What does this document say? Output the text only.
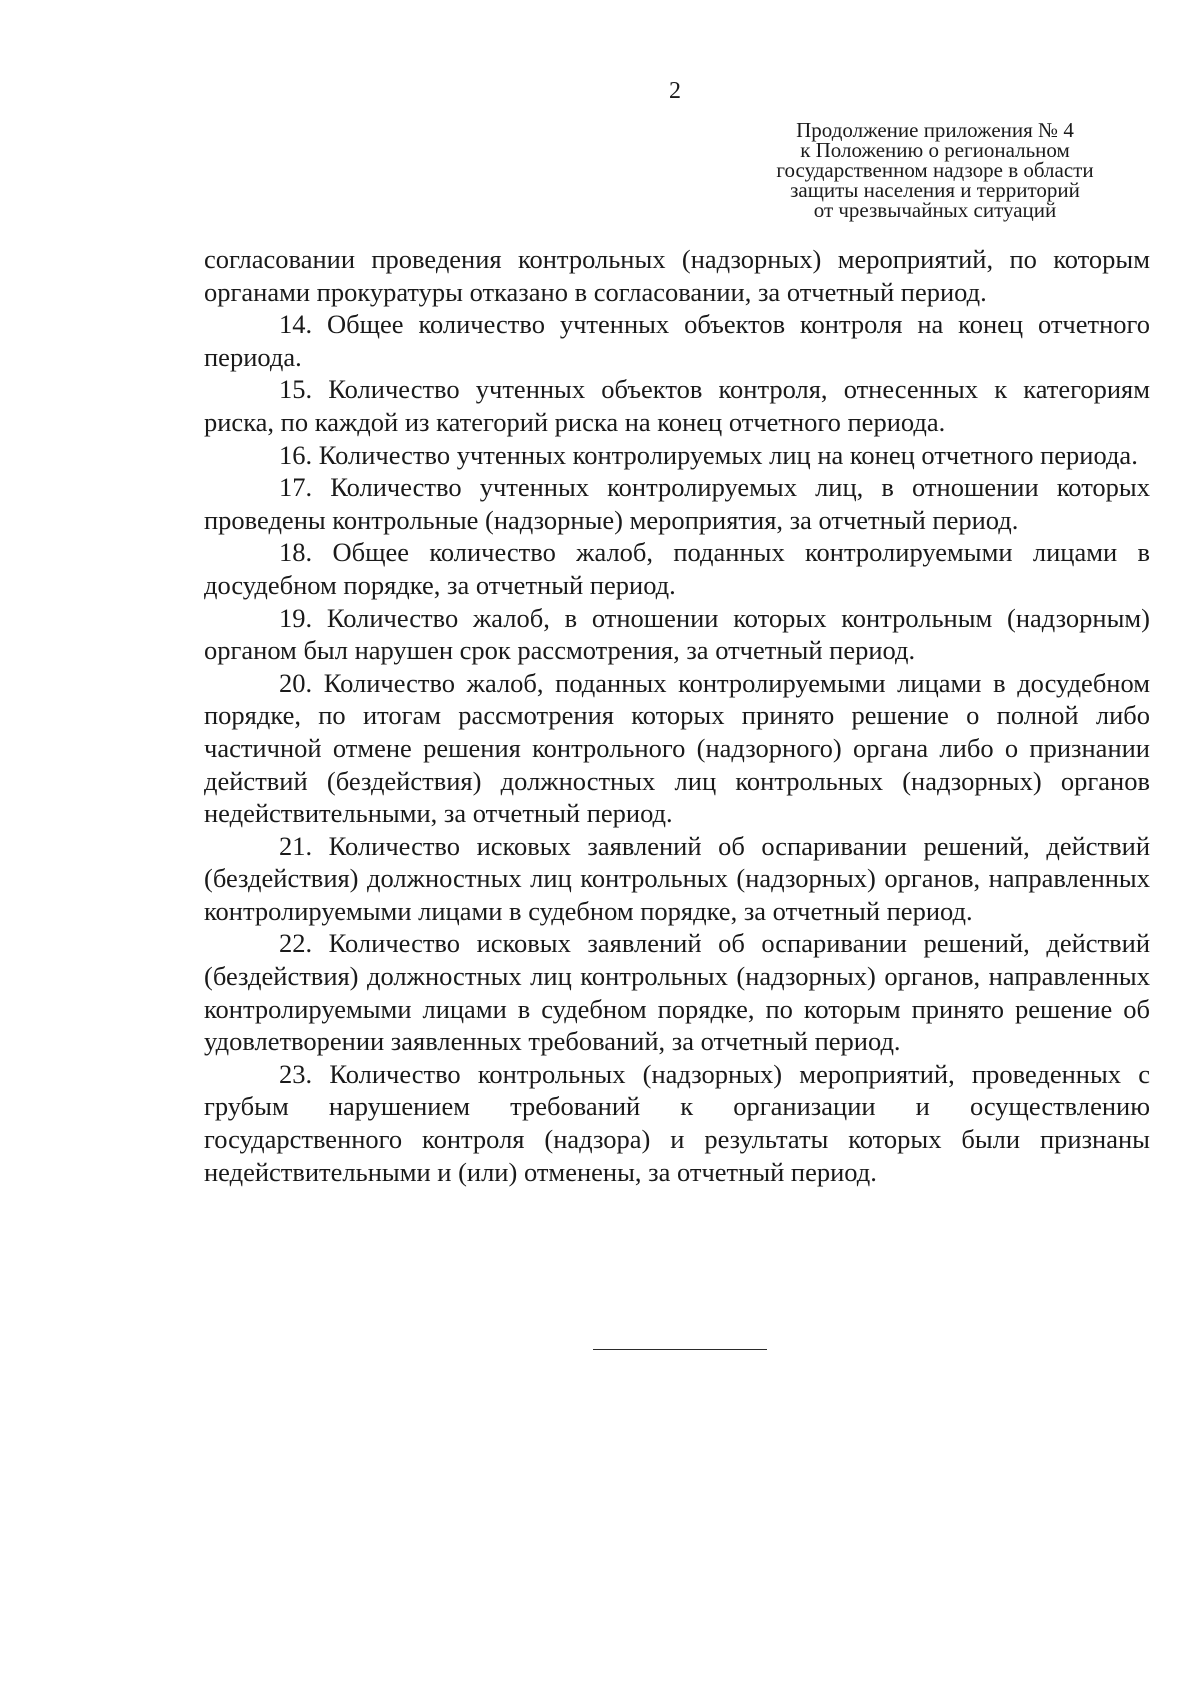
2
Продолжение приложения № 4
к Положению о региональном
государственном надзоре в области
защиты населения и территорий
от чрезвычайных ситуаций

согласовании проведения контрольных (надзорных) мероприятий, по которым органами прокуратуры отказано в согласовании, за отчетный период.

14. Общее количество учтенных объектов контроля на конец отчетного периода.

15. Количество учтенных объектов контроля, отнесенных к категориям риска, по каждой из категорий риска на конец отчетного периода.

16. Количество учтенных контролируемых лиц на конец отчетного периода.

17. Количество учтенных контролируемых лиц, в отношении которых проведены контрольные (надзорные) мероприятия, за отчетный период.

18. Общее количество жалоб, поданных контролируемыми лицами в досудебном порядке, за отчетный период.

19. Количество жалоб, в отношении которых контрольным (надзорным) органом был нарушен срок рассмотрения, за отчетный период.

20. Количество жалоб, поданных контролируемыми лицами в досудебном порядке, по итогам рассмотрения которых принято решение о полной либо частичной отмене решения контрольного (надзорного) органа либо о признании действий (бездействия) должностных лиц контрольных (надзорных) органов недействительными, за отчетный период.

21. Количество исковых заявлений об оспаривании решений, действий (бездействия) должностных лиц контрольных (надзорных) органов, направленных контролируемыми лицами в судебном порядке, за отчетный период.

22. Количество исковых заявлений об оспаривании решений, действий (бездействия) должностных лиц контрольных (надзорных) органов, направленных контролируемыми лицами в судебном порядке, по которым принято решение об удовлетворении заявленных требований, за отчетный период.

23. Количество контрольных (надзорных) мероприятий, проведенных с грубым нарушением требований к организации и осуществлению государственного контроля (надзора) и результаты которых были признаны недействительными и (или) отменены, за отчетный период.
